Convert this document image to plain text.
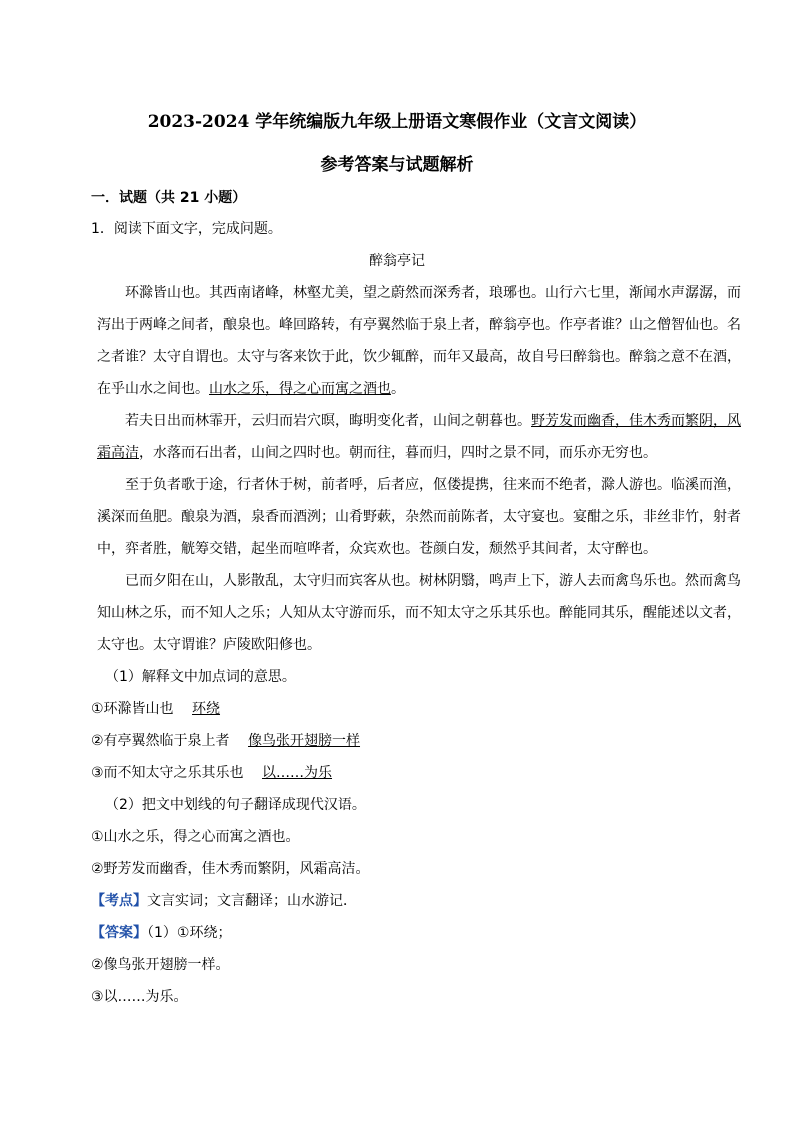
2023-2024 学年统编版九年级上册语文寒假作业（文言文阅读）
参考答案与试题解析
一．试题（共 21 小题）
1．阅读下面文字，完成问题。
醉翁亭记
环滁皆山也。其西南诸峰，林壑尤美，望之蔚然而深秀者，琅琊也。山行六七里，渐闻水声潺潺，而
泻出于两峰之间者，酿泉也。峰回路转，有亭翼然临于泉上者，醉翁亭也。作亭者谁？山之僧智仙也。名
之者谁？太守自谓也。太守与客来饮于此，饮少辄醉，而年又最高，故自号曰醉翁也。醉翁之意不在酒，
在乎山水之间也。山水之乐，得之心而寓之酒也。
若夫日出而林霏开，云归而岩穴暝，晦明变化者，山间之朝暮也。野芳发而幽香，佳木秀而繁阴，风
霜高洁，水落而石出者，山间之四时也。朝而往，暮而归，四时之景不同，而乐亦无穷也。
至于负者歌于途，行者休于树，前者呼，后者应，伛偻提携，往来而不绝者，滁人游也。临溪而渔，
溪深而鱼肥。酿泉为酒，泉香而酒洌；山肴野蔌，杂然而前陈者，太守宴也。宴酣之乐，非丝非竹，射者
中，弈者胜，觥筹交错，起坐而喧哗者，众宾欢也。苍颜白发，颓然乎其间者，太守醉也。
已而夕阳在山，人影散乱，太守归而宾客从也。树林阴翳，鸣声上下，游人去而禽鸟乐也。然而禽鸟
知山林之乐，而不知人之乐；人知从太守游而乐，而不知太守之乐其乐也。醉能同其乐，醒能述以文者，
太守也。太守谓谁？庐陵欧阳修也。
（1）解释文中加点词的意思。
①环滁皆山也 环绕
②有亭翼然临于泉上者 像鸟张开翅膀一样
③而不知太守之乐其乐也 以……为乐
（2）把文中划线的句子翻译成现代汉语。
①山水之乐，得之心而寓之酒也。
②野芳发而幽香，佳木秀而繁阴，风霜高洁。
【考点】文言实词；文言翻译；山水游记．
【答案】（1）①环绕；
②像鸟张开翅膀一样。
③以……为乐。
